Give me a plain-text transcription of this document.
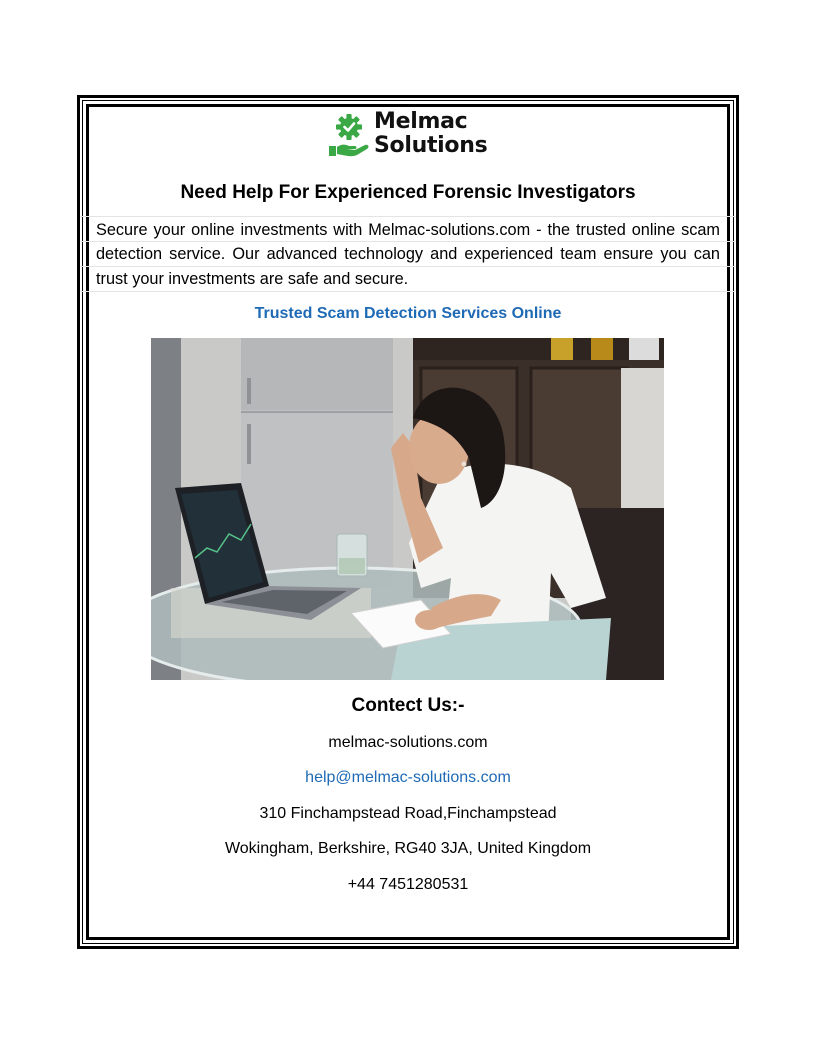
Melmac
Solutions
Need Help For Experienced Forensic Investigators
Secure your online investments with Melmac-solutions.com - the trusted online scam detection service. Our advanced technology and experienced team ensure you can trust your investments are safe and secure.
Trusted Scam Detection Services Online
Contect Us:-
melmac-solutions.com
help@melmac-solutions.com
310 Finchampstead Road,Finchampstead
Wokingham, Berkshire, RG40 3JA, United Kingdom
+44 7451280531
